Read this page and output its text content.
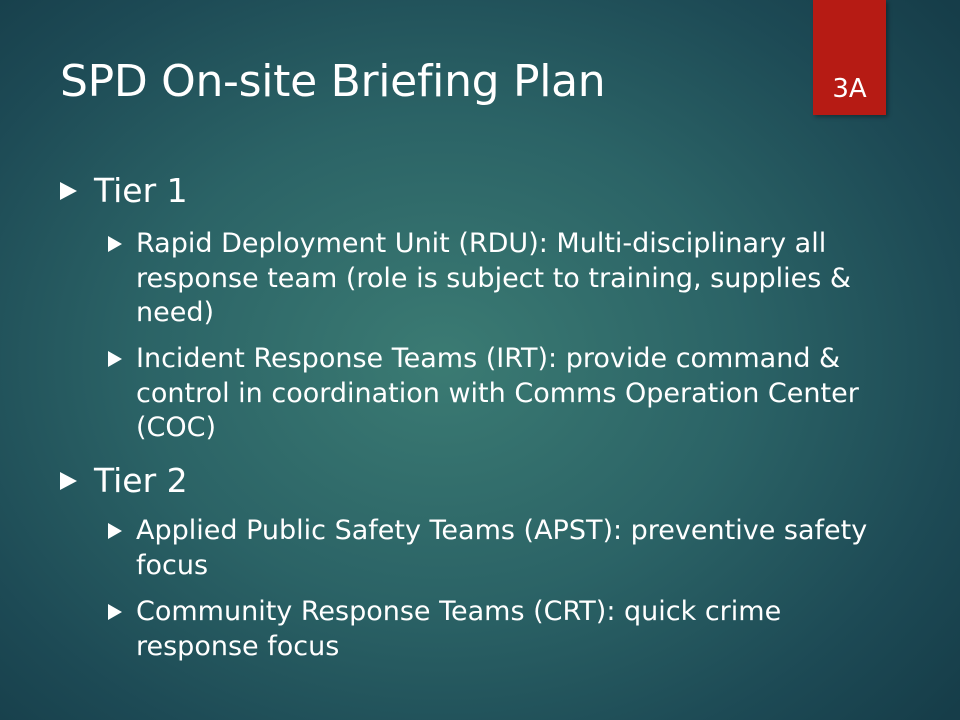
SPD On-site Briefing Plan	3A
Tier 1
Rapid Deployment Unit (RDU): Multi-disciplinary all response team (role is subject to training, supplies & need)
Incident Response Teams (IRT): provide command & control in coordination with Comms Operation Center (COC)
Tier 2
Applied Public Safety Teams (APST): preventive safety focus
Community Response Teams (CRT): quick crime response focus
